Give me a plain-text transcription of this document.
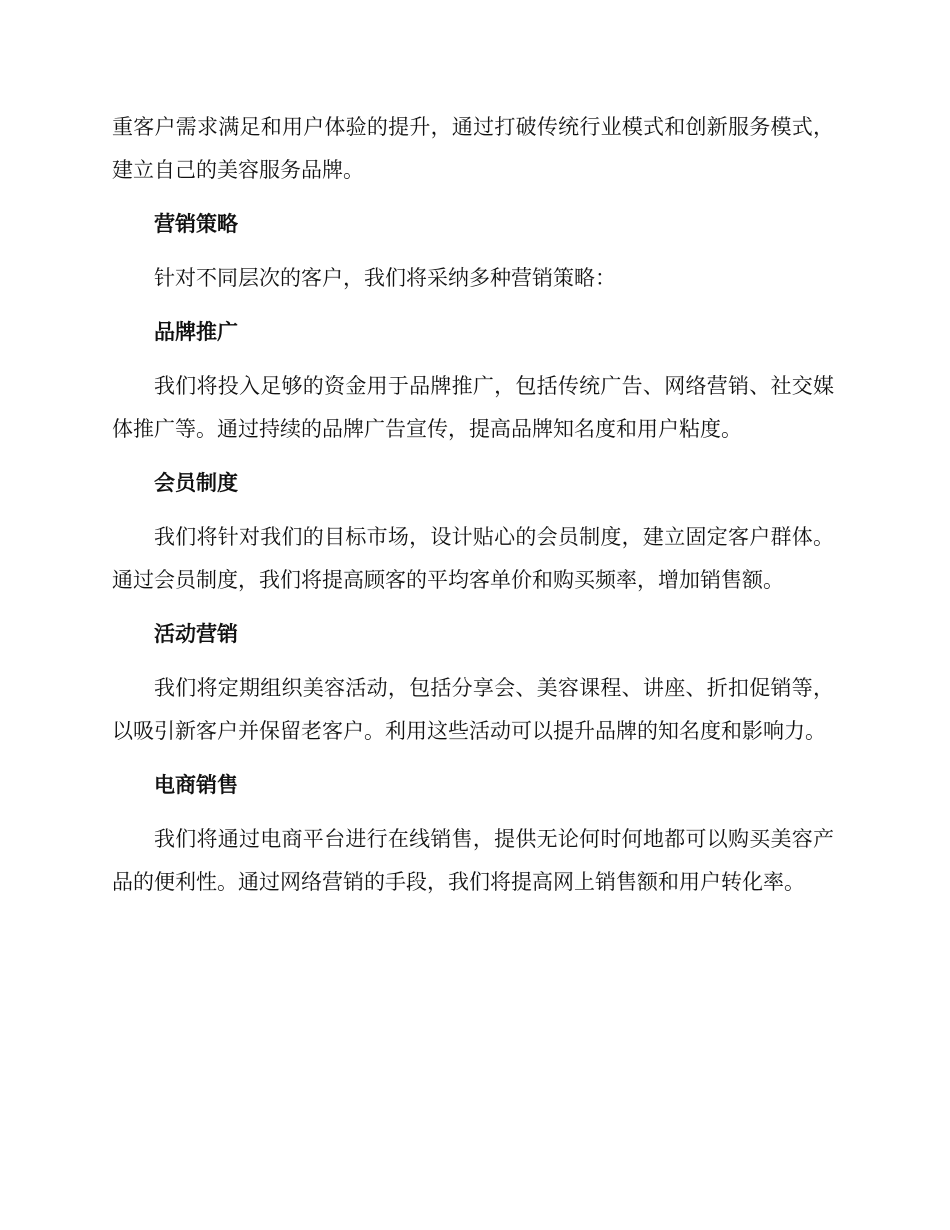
重客户需求满足和用户体验的提升，通过打破传统行业模式和创新服务模式，建立自己的美容服务品牌。

营销策略

针对不同层次的客户，我们将采纳多种营销策略：

品牌推广

我们将投入足够的资金用于品牌推广，包括传统广告、网络营销、社交媒体推广等。通过持续的品牌广告宣传，提高品牌知名度和用户粘度。

会员制度

我们将针对我们的目标市场，设计贴心的会员制度，建立固定客户群体。通过会员制度，我们将提高顾客的平均客单价和购买频率，增加销售额。

活动营销

我们将定期组织美容活动，包括分享会、美容课程、讲座、折扣促销等，以吸引新客户并保留老客户。利用这些活动可以提升品牌的知名度和影响力。

电商销售

我们将通过电商平台进行在线销售，提供无论何时何地都可以购买美容产品的便利性。通过网络营销的手段，我们将提高网上销售额和用户转化率。
